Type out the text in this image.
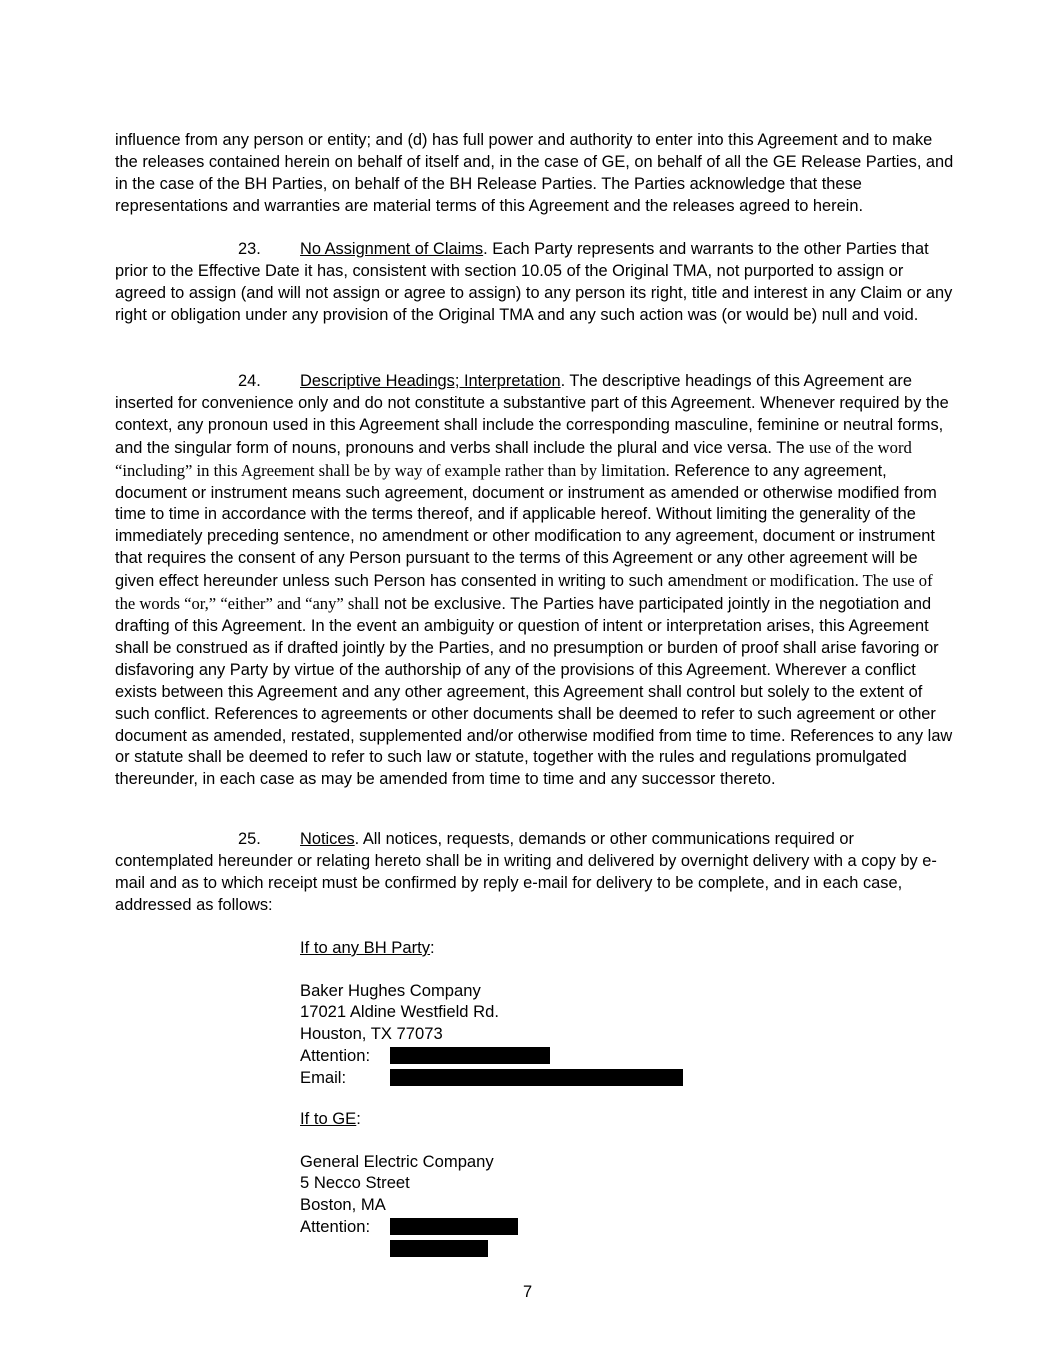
influence from any person or entity; and (d) has full power and authority to enter into this Agreement and to make the releases contained herein on behalf of itself and, in the case of GE, on behalf of all the GE Release Parties, and in the case of the BH Parties, on behalf of the BH Release Parties. The Parties acknowledge that these representations and warranties are material terms of this Agreement and the releases agreed to herein.

23. No Assignment of Claims. Each Party represents and warrants to the other Parties that prior to the Effective Date it has, consistent with section 10.05 of the Original TMA, not purported to assign or agreed to assign (and will not assign or agree to assign) to any person its right, title and interest in any Claim or any right or obligation under any provision of the Original TMA and any such action was (or would be) null and void.

24. Descriptive Headings; Interpretation. The descriptive headings of this Agreement are inserted for convenience only and do not constitute a substantive part of this Agreement. Whenever required by the context, any pronoun used in this Agreement shall include the corresponding masculine, feminine or neutral forms, and the singular form of nouns, pronouns and verbs shall include the plural and vice versa. The use of the word “including” in this Agreement shall be by way of example rather than by limitation. Reference to any agreement, document or instrument means such agreement, document or instrument as amended or otherwise modified from time to time in accordance with the terms thereof, and if applicable hereof. Without limiting the generality of the immediately preceding sentence, no amendment or other modification to any agreement, document or instrument that requires the consent of any Person pursuant to the terms of this Agreement or any other agreement will be given effect hereunder unless such Person has consented in writing to such amendment or modification. The use of the words “or,” “either” and “any” shall not be exclusive. The Parties have participated jointly in the negotiation and drafting of this Agreement. In the event an ambiguity or question of intent or interpretation arises, this Agreement shall be construed as if drafted jointly by the Parties, and no presumption or burden of proof shall arise favoring or disfavoring any Party by virtue of the authorship of any of the provisions of this Agreement. Wherever a conflict exists between this Agreement and any other agreement, this Agreement shall control but solely to the extent of such conflict. References to agreements or other documents shall be deemed to refer to such agreement or other document as amended, restated, supplemented and/or otherwise modified from time to time. References to any law or statute shall be deemed to refer to such law or statute, together with the rules and regulations promulgated thereunder, in each case as may be amended from time to time and any successor thereto.

25. Notices. All notices, requests, demands or other communications required or contemplated hereunder or relating hereto shall be in writing and delivered by overnight delivery with a copy by e-mail and as to which receipt must be confirmed by reply e-mail for delivery to be complete, and in each case, addressed as follows:

If to any BH Party:
Baker Hughes Company
17021 Aldine Westfield Rd.
Houston, TX 77073
Attention:
Email:
If to GE:
General Electric Company
5 Necco Street
Boston, MA
Attention:
7
